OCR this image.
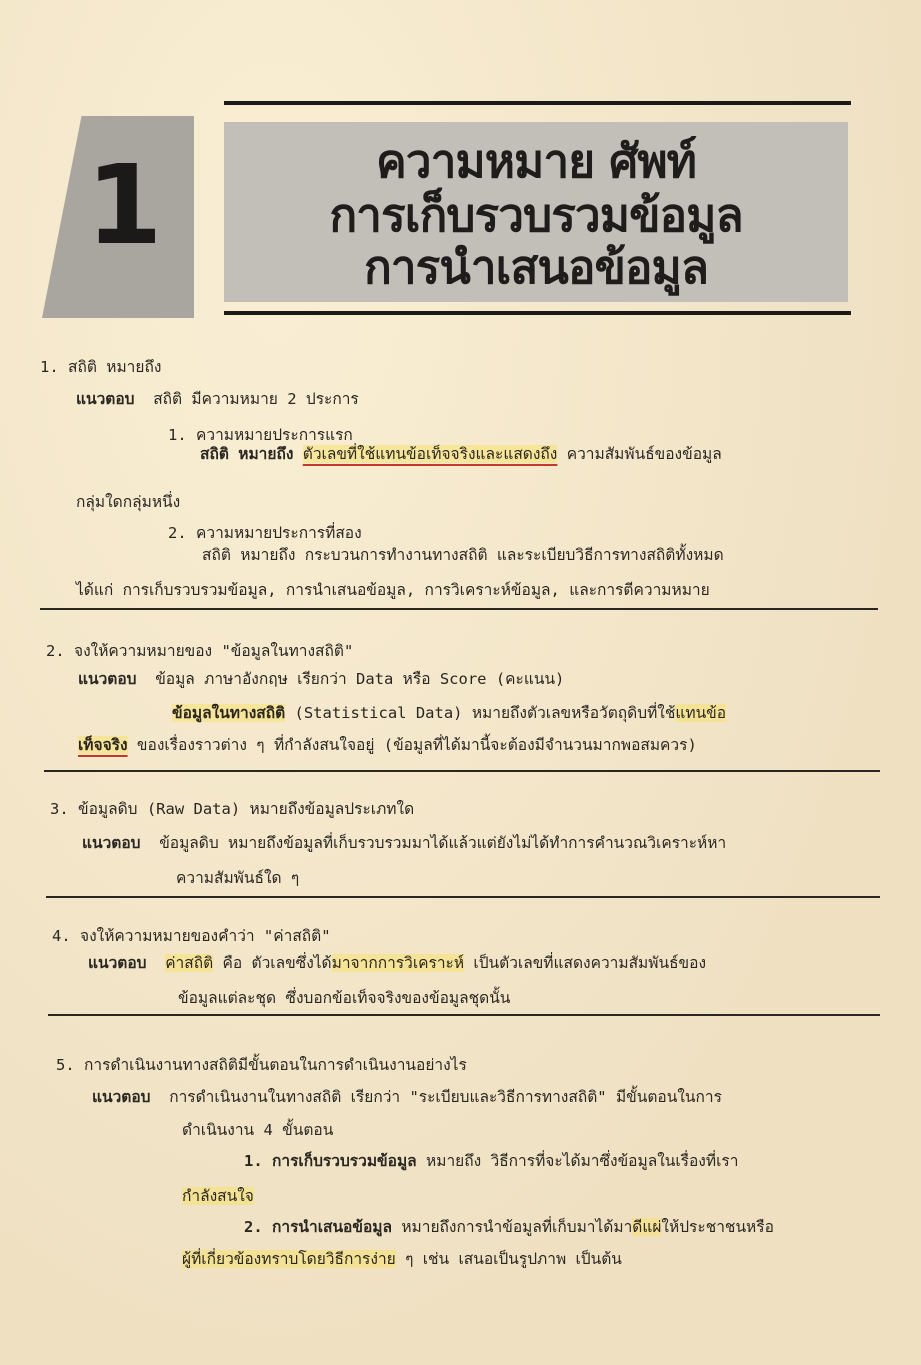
1	ความหมาย ศัพท์
การเก็บรวบรวมข้อมูล
การนำเสนอข้อมูล
1. สถิติ หมายถึง
แนวตอบ สถิติ มีความหมาย 2 ประการ
1. ความหมายประการแรก
สถิติ หมายถึง ตัวเลขที่ใช้แทนข้อเท็จจริงและแสดงถึง ความสัมพันธ์ของข้อมูล
กลุ่มใดกลุ่มหนึ่ง
2. ความหมายประการที่สอง
สถิติ หมายถึง กระบวนการทำงานทางสถิติ และระเบียบวิธีการทางสถิติทั้งหมด
ได้แก่ การเก็บรวบรวมข้อมูล, การนำเสนอข้อมูล, การวิเคราะห์ข้อมูล, และการตีความหมาย
2. จงให้ความหมายของ "ข้อมูลในทางสถิติ"
แนวตอบ ข้อมูล ภาษาอังกฤษ เรียกว่า Data หรือ Score (คะแนน)
ข้อมูลในทางสถิติ (Statistical Data) หมายถึงตัวเลขหรือวัตถุดิบที่ใช้แทนข้อ
เท็จจริง ของเรื่องราวต่าง ๆ ที่กำลังสนใจอยู่ (ข้อมูลที่ได้มานี้จะต้องมีจำนวนมากพอสมควร)
3. ข้อมูลดิบ (Raw Data) หมายถึงข้อมูลประเภทใด
แนวตอบ ข้อมูลดิบ หมายถึงข้อมูลที่เก็บรวบรวมมาได้แล้วแต่ยังไม่ได้ทำการคำนวณวิเคราะห์หา
ความสัมพันธ์ใด ๆ
4. จงให้ความหมายของคำว่า "ค่าสถิติ"
แนวตอบ ค่าสถิติ คือ ตัวเลขซึ่งได้มาจากการวิเคราะห์ เป็นตัวเลขที่แสดงความสัมพันธ์ของ
ข้อมูลแต่ละชุด ซึ่งบอกข้อเท็จจริงของข้อมูลชุดนั้น
5. การดำเนินงานทางสถิติมีขั้นตอนในการดำเนินงานอย่างไร
แนวตอบ การดำเนินงานในทางสถิติ เรียกว่า "ระเบียบและวิธีการทางสถิติ" มีขั้นตอนในการ
ดำเนินงาน 4 ขั้นตอน
1. การเก็บรวบรวมข้อมูล หมายถึง วิธีการที่จะได้มาซึ่งข้อมูลในเรื่องที่เรา
กำลังสนใจ
2. การนำเสนอข้อมูล หมายถึงการนำข้อมูลที่เก็บมาได้มาดีแผ่ให้ประชาชนหรือ
ผู้ที่เกี่ยวข้องทราบโดยวิธีการง่าย ๆ เช่น เสนอเป็นรูปภาพ เป็นต้น
